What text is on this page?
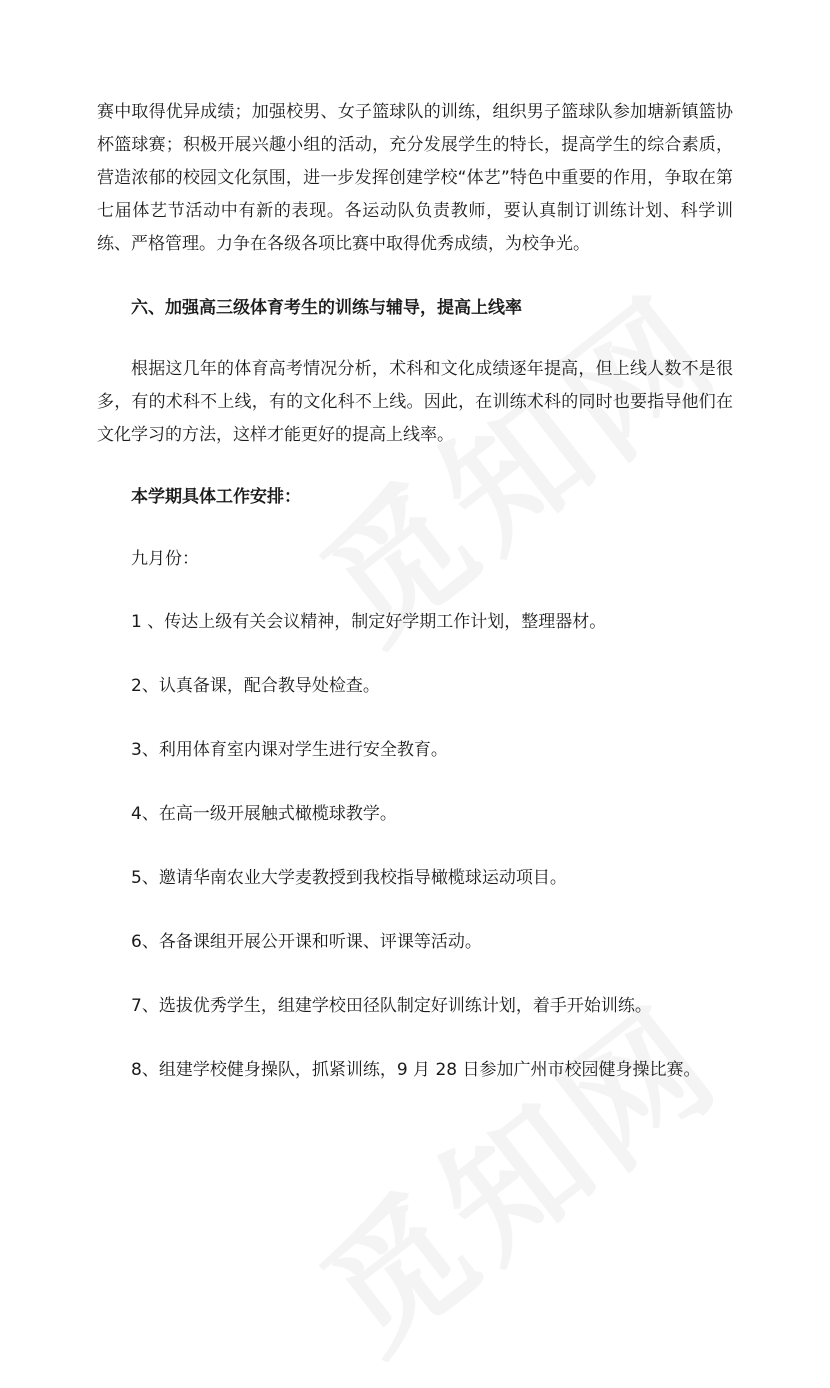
赛中取得优异成绩；加强校男、女子篮球队的训练，组织男子篮球队参加塘新镇篮协杯篮球赛；积极开展兴趣小组的活动，充分发展学生的特长，提高学生的综合素质，营造浓郁的校园文化氛围，进一步发挥创建学校“体艺”特色中重要的作用，争取在第七届体艺节活动中有新的表现。各运动队负责教师，要认真制订训练计划、科学训练、严格管理。力争在各级各项比赛中取得优秀成绩，为校争光。

六、加强高三级体育考生的训练与辅导，提高上线率

根据这几年的体育高考情况分析，术科和文化成绩逐年提高，但上线人数不是很多，有的术科不上线，有的文化科不上线。因此，在训练术科的同时也要指导他们在文化学习的方法，这样才能更好的提高上线率。

本学期具体工作安排：

九月份：

1 、传达上级有关会议精神，制定好学期工作计划，整理器材。

2、认真备课，配合教导处检查。

3、利用体育室内课对学生进行安全教育。

4、在高一级开展触式橄榄球教学。

5、邀请华南农业大学麦教授到我校指导橄榄球运动项目。

6、各备课组开展公开课和听课、评课等活动。

7、选拔优秀学生，组建学校田径队制定好训练计划，着手开始训练。

8、组建学校健身操队，抓紧训练，9 月 28 日参加广州市校园健身操比赛。
